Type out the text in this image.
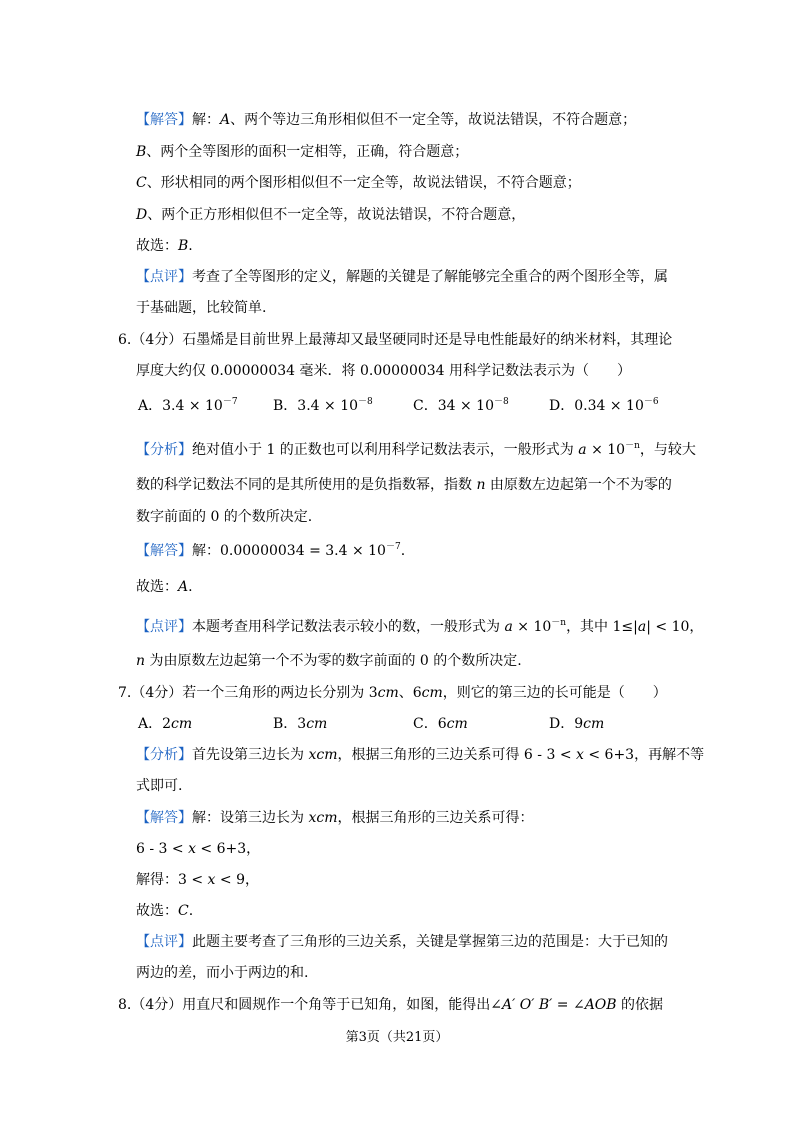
【解答】解：A、两个等边三角形相似但不一定全等，故说法错误，不符合题意；
B、两个全等图形的面积一定相等，正确，符合题意；
C、形状相同的两个图形相似但不一定全等，故说法错误，不符合题意；
D、两个正方形相似但不一定全等，故说法错误，不符合题意，
故选：B.
【点评】考查了全等图形的定义，解题的关键是了解能够完全重合的两个图形全等，属
于基础题，比较简单.
6.（4分）石墨烯是目前世界上最薄却又最坚硬同时还是导电性能最好的纳米材料，其理论
厚度大约仅 0.00000034 毫米．将 0.00000034 用科学记数法表示为（　　）
A．$3.4 \times 10^{-7}$	B．$3.4 \times 10^{-8}$	C．$34 \times 10^{-8}$	D．$0.34 \times 10^{-6}$
【分析】绝对值小于 1 的正数也可以利用科学记数法表示，一般形式为 $a \times 10^{-n}$，与较大
数的科学记数法不同的是其所使用的是负指数幂，指数 n 由原数左边起第一个不为零的
数字前面的 0 的个数所决定.
【解答】解：$0.00000034 = 3.4 \times 10^{-7}$.
故选：A.
【点评】本题考查用科学记数法表示较小的数，一般形式为 $a \times 10^{-n}$，其中 1≤|a| < 10，
n 为由原数左边起第一个不为零的数字前面的 0 的个数所决定.
7.（4分）若一个三角形的两边长分别为 3cm、6cm，则它的第三边的长可能是（　　）
A．2cm	B．3cm	C．6cm	D．9cm
【分析】首先设第三边长为 xcm，根据三角形的三边关系可得 6 - 3 < x < 6+3，再解不等
式即可.
【解答】解：设第三边长为 xcm，根据三角形的三边关系可得：
6 - 3 < x < 6+3，
解得：3 < x < 9，
故选：C.
【点评】此题主要考查了三角形的三边关系，关键是掌握第三边的范围是：大于已知的
两边的差，而小于两边的和.
8.（4分）用直尺和圆规作一个角等于已知角，如图，能得出∠A′ O′ B′ = ∠AOB 的依据
第3页（共21页）
